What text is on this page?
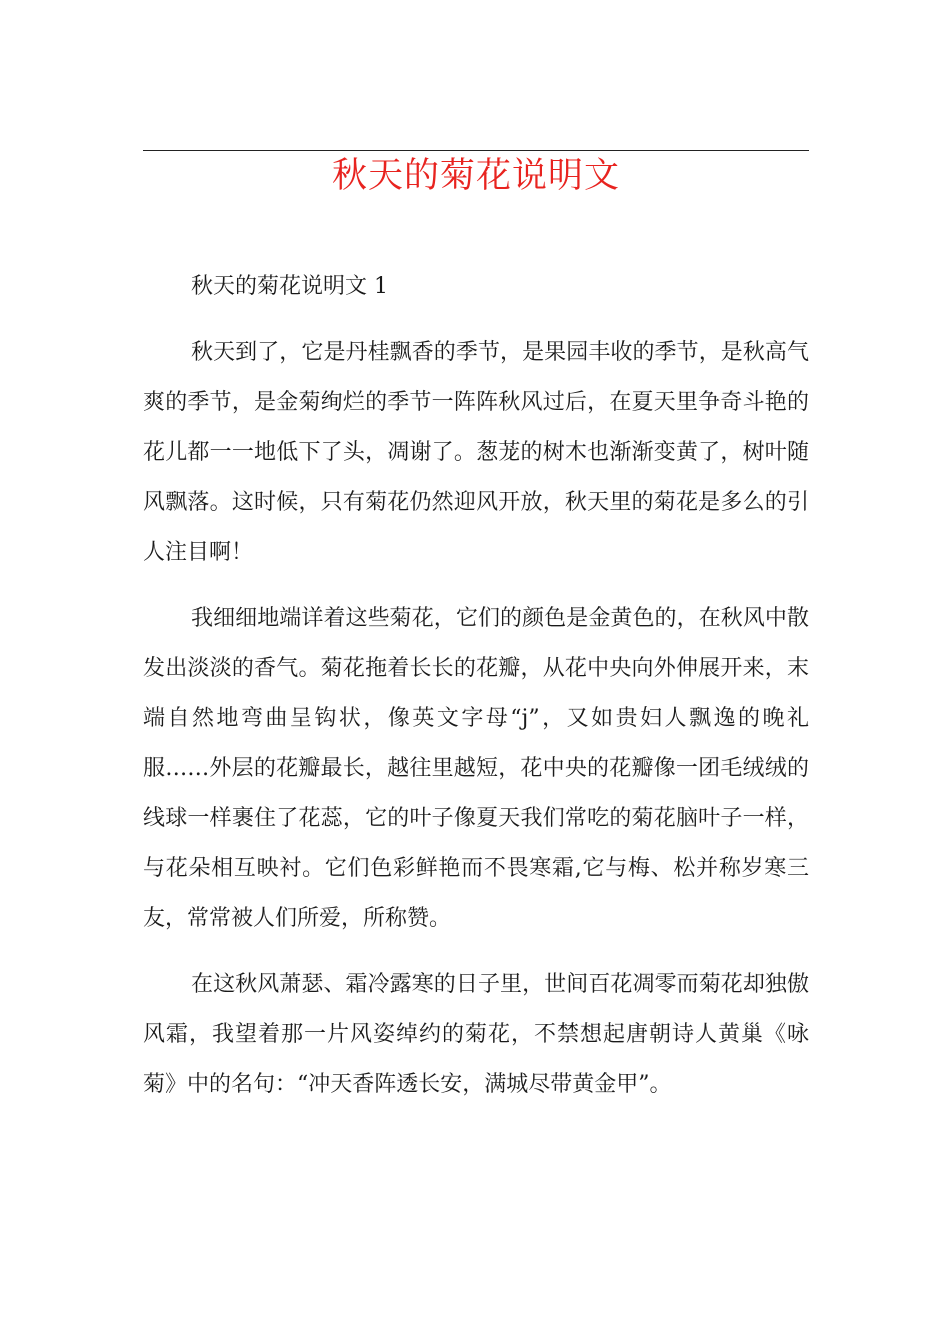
秋天的菊花说明文

秋天的菊花说明文 1

秋天到了，它是丹桂飘香的季节，是果园丰收的季节，是秋高气爽的季节，是金菊绚烂的季节一阵阵秋风过后，在夏天里争奇斗艳的花儿都一一地低下了头，凋谢了。葱茏的树木也渐渐变黄了，树叶随风飘落。这时候，只有菊花仍然迎风开放，秋天里的菊花是多么的引人注目啊！

我细细地端详着这些菊花，它们的颜色是金黄色的，在秋风中散发出淡淡的香气。菊花拖着长长的花瓣，从花中央向外伸展开来，末端自然地弯曲呈钩状，像英文字母“j”，又如贵妇人飘逸的晚礼服……外层的花瓣最长，越往里越短，花中央的花瓣像一团毛绒绒的线球一样裹住了花蕊，它的叶子像夏天我们常吃的菊花脑叶子一样，与花朵相互映衬。它们色彩鲜艳而不畏寒霜,它与梅、松并称岁寒三友，常常被人们所爱，所称赞。

在这秋风萧瑟、霜冷露寒的日子里，世间百花凋零而菊花却独傲风霜，我望着那一片风姿绰约的菊花，不禁想起唐朝诗人黄巢《咏菊》中的名句：“冲天香阵透长安，满城尽带黄金甲”。
